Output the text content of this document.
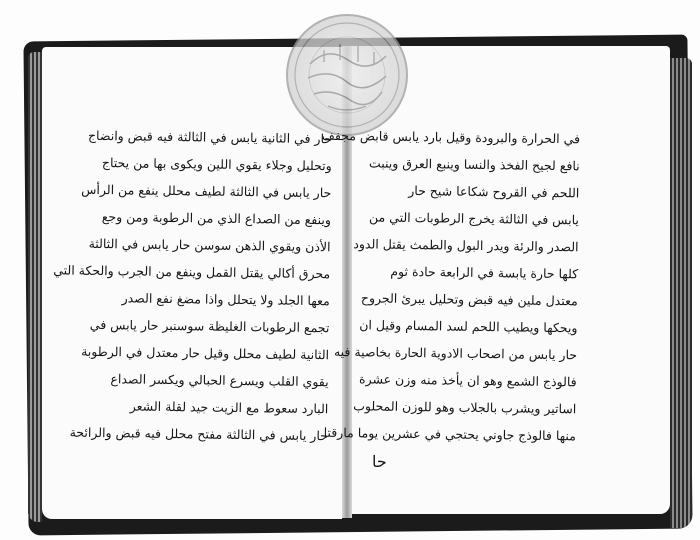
حار في الثانية يابس في الثالثة فيه قبض وانضاج
وتحليل وجلاء يقوي اللين ويكوى بها من يحتاج
حار يابس في الثالثة لطيف محلل ينفع من الرأس
وينفع من الصداع الذي من الرطوبة ومن وجع
الأذن ويقوي الذهن سوسن حار يابس في الثالثة
محرق أكالي يقتل القمل وينفع من الجرب والحكة التي
معها الجلد ولا يتحلل واذا مضغ نفع الصدر
تجمع الرطوبات الغليظة سوسنبر حار يابس في
الثانية لطيف محلل وقيل حار معتدل في الرطوبة
يقوي القلب ويسرع الحبالي ويكسر الصداع
البارد سعوط مع الزيت جيد لقلة الشعر
حار يابس في الثالثة مفتح محلل فيه قبض والرائحة
في الحرارة والبرودة وقيل بارد يابس قابض مجفف
نافع لجيح الفخذ والنسا وينبع العرق وينبت
اللحم في القروح شكاعا شيح حار
يابس في الثالثة يخرج الرطوبات التي من
الصدر والرئة ويدر البول والطمث يقتل الدود
كلها حارة يابسة في الرابعة حادة ثوم
معتدل ملين فيه قبض وتحليل يبرئ الجروح
ويحكها ويطيب اللحم لسد المسام وقيل ان
حار يابس من اصحاب الادوية الحارة بخاصية فيه
فالوذج الشمع وهو ان يأخذ منه وزن عشرة
اساتير ويشرب بالجلاب وهو للوزن المحلوب
منها فالوذج جاوني يحتجي في عشرين يوما مارقتا
حا
